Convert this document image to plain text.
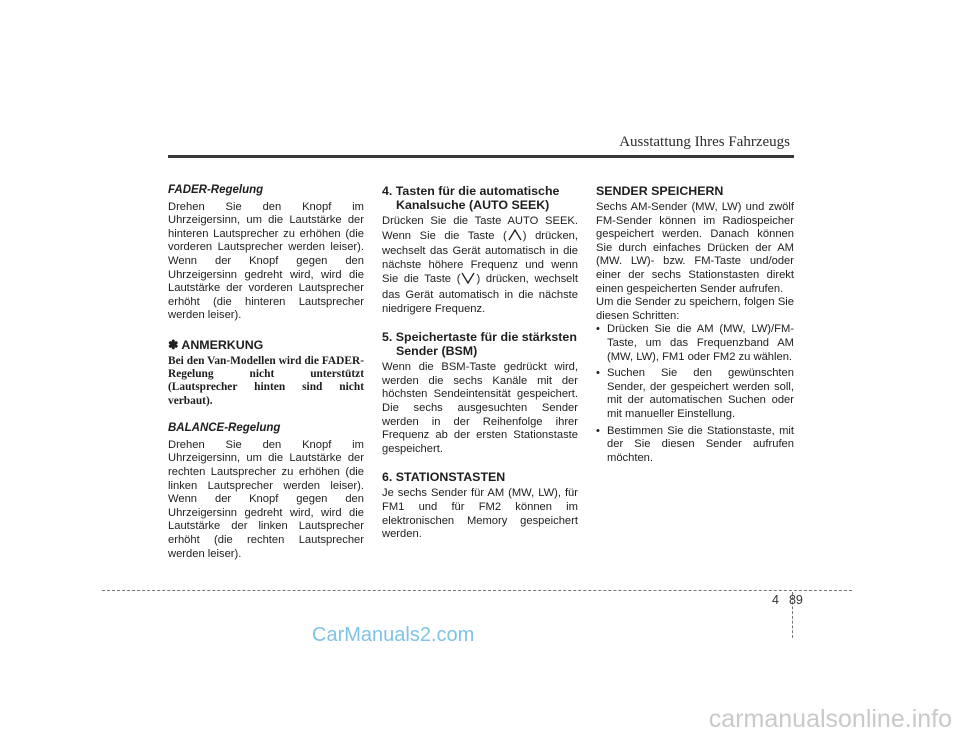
Ausstattung Ihres Fahrzeugs
FADER-Regelung

Drehen Sie den Knopf im Uhrzeigersinn, um die Lautstärke der hinteren Lautsprecher zu erhöhen (die vorderen Lautsprecher werden leiser). Wenn der Knopf gegen den Uhrzeigersinn gedreht wird, wird die Lautstärke der vorderen Lautsprecher erhöht (die hinteren Lautsprecher werden leiser).

✽ ANMERKUNG

Bei den Van-Modellen wird die FADER-Regelung nicht unterstützt (Lautsprecher hinten sind nicht verbaut).

BALANCE-Regelung

Drehen Sie den Knopf im Uhrzeigersinn, um die Lautstärke der rechten Lautsprecher zu erhöhen (die linken Lautsprecher werden leiser). Wenn der Knopf gegen den Uhrzeigersinn gedreht wird, wird die Lautstärke der linken Lautsprecher erhöht (die rechten Lautsprecher werden leiser).

4. Tasten für die automatische
Kanalsuche (AUTO SEEK)

Drücken Sie die Taste AUTO SEEK. Wenn Sie die Taste ( ) drücken, wechselt das Gerät automatisch in die nächste höhere Frequenz und wenn Sie die Taste ( ) drücken, wechselt das Gerät automatisch in die nächste niedrigere Frequenz.

5. Speichertaste für die stärksten
Sender (BSM)

Wenn die BSM-Taste gedrückt wird, werden die sechs Kanäle mit der höchsten Sendeintensität gespeichert. Die sechs ausgesuchten Sender werden in der Reihenfolge ihrer Frequenz ab der ersten Stationstaste gespeichert.

6. STATIONSTASTEN

Je sechs Sender für AM (MW, LW), für FM1 und für FM2 können im elektronischen Memory gespeichert werden.

SENDER SPEICHERN

Sechs AM-Sender (MW, LW) und zwölf FM-Sender können im Radiospeicher gespeichert werden. Danach können Sie durch einfaches Drücken der AM (MW. LW)- bzw. FM-Taste und/oder einer der sechs Stationstasten direkt einen gespeicherten Sender aufrufen.

Um die Sender zu speichern, folgen Sie diesen Schritten:

• Drücken Sie die AM (MW, LW)/FM-Taste, um das Frequenzband AM (MW, LW), FM1 oder FM2 zu wählen.
• Suchen Sie den gewünschten Sender, der gespeichert werden soll, mit der automatischen Suchen oder mit manueller Einstellung.
• Bestimmen Sie die Stationstaste, mit der Sie diesen Sender aufrufen möchten.
4 89
CarManuals2.com
carmanualsonline.info
